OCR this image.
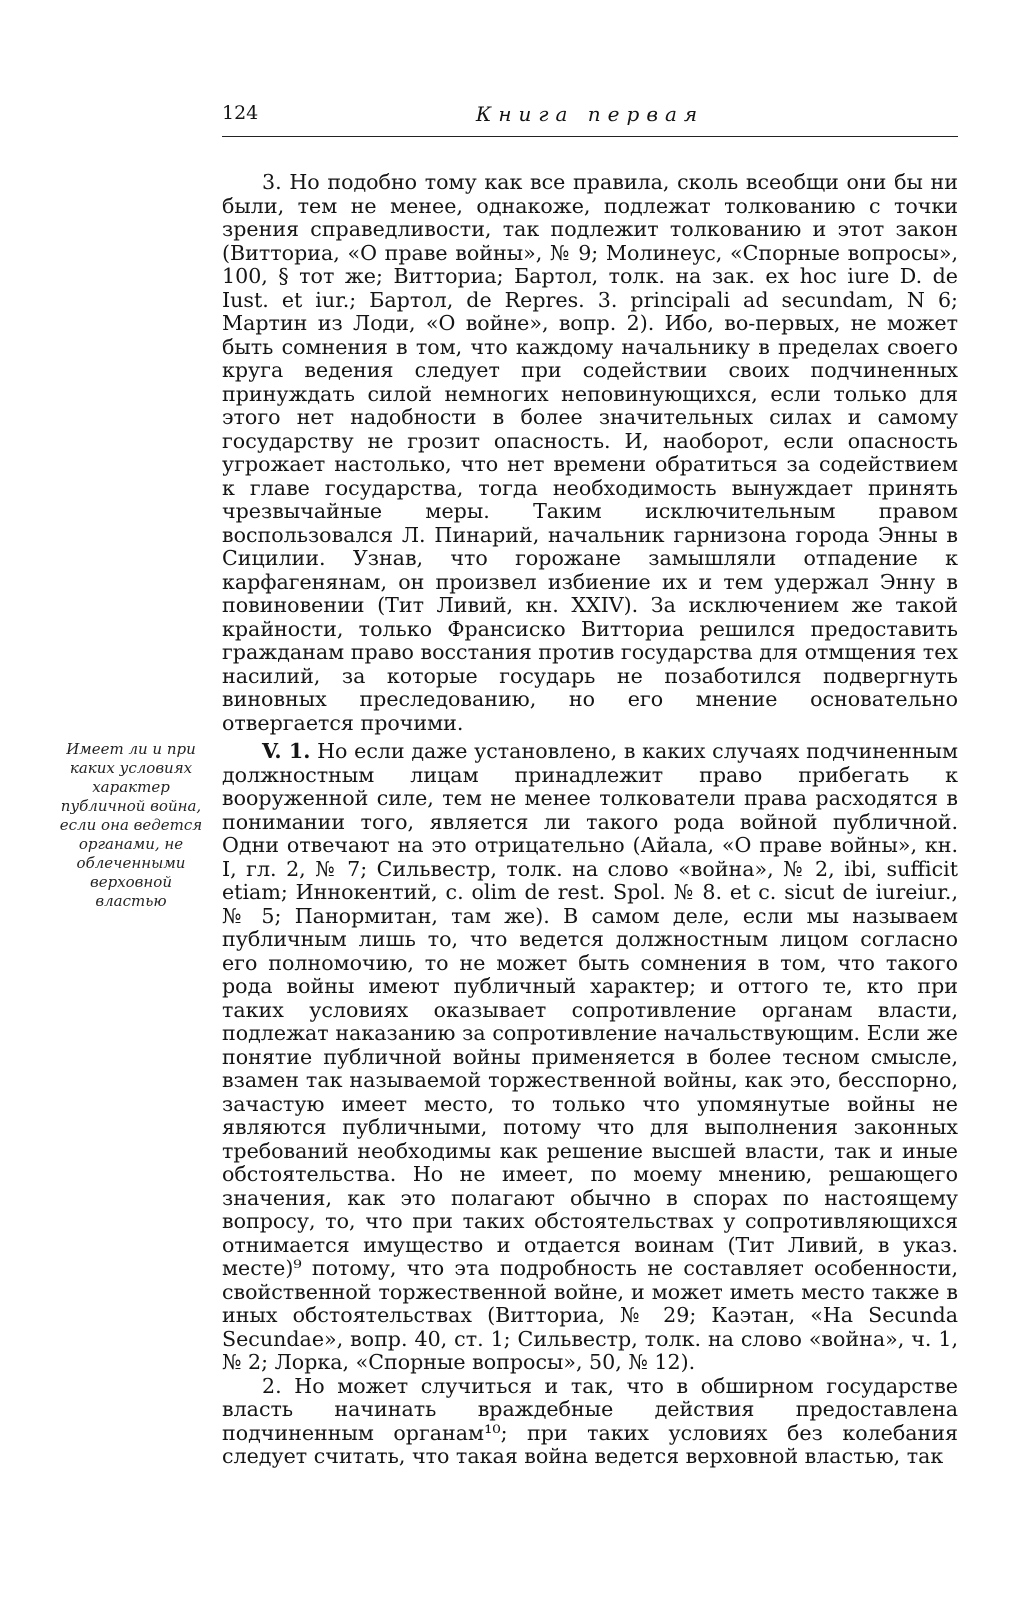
124	Книга первая

3. Но подобно тому как все правила, сколь всеобщи они бы ни были, тем не менее, однакоже, подлежат толкованию с точки зрения справедливости, так подлежит толкованию и этот закон (Витториа, «О праве войны», № 9; Молинеус, «Спорные вопросы», 100, § тот же; Витториа; Бартол, толк. на зак. ex hoc iure D. de Iust. et iur.; Бартол, de Repres. 3. principali ad secundam, N 6; Мартин из Лоди, «О войне», вопр. 2). Ибо, во-первых, не может быть сомнения в том, что каждому начальнику в пределах своего круга ведения следует при содействии своих подчиненных принуждать силой немногих неповинующихся, если только для этого нет надобности в более значительных силах и самому государству не грозит опасность. И, наоборот, если опасность угрожает настолько, что нет времени обратиться за содействием к главе государства, тогда необходимость вынуждает принять чрезвычайные меры. Таким исключительным правом воспользовался Л. Пинарий, начальник гарнизона города Энны в Сицилии. Узнав, что горожане замышляли отпадение к карфагенянам, он произвел избиение их и тем удержал Энну в повиновении (Тит Ливий, кн. XXIV). За исключением же такой крайности, только Франсиско Витториа решился предоставить гражданам право восстания против государства для отмщения тех насилий, за которые государь не позаботился подвергнуть виновных преследованию, но его мнение основательно отвергается прочими.

Имеет ли и при каких условиях характер публичной война, если она ведется органами, не облеченными верховной властью

V. 1. Но если даже установлено, в каких случаях подчиненным должностным лицам принадлежит право прибегать к вооруженной силе, тем не менее толкователи права расходятся в понимании того, является ли такого рода войной публичной. Одни отвечают на это отрицательно (Айала, «О праве войны», кн. I, гл. 2, № 7; Сильвестр, толк. на слово «война», № 2, ibi, sufficit etiam; Иннокентий, c. olim de rest. Spol. № 8. et c. sicut de iureiur., № 5; Панормитан, там же). В самом деле, если мы называем публичным лишь то, что ведется должностным лицом согласно его полномочию, то не может быть сомнения в том, что такого рода войны имеют публичный характер; и оттого те, кто при таких условиях оказывает сопротивление органам власти, подлежат наказанию за сопротивление начальствующим. Если же понятие публичной войны применяется в более тесном смысле, взамен так называемой торжественной войны, как это, бесспорно, зачастую имеет место, то только что упомянутые войны не являются публичными, потому что для выполнения законных требований необходимы как решение высшей власти, так и иные обстоятельства. Но не имеет, по моему мнению, решающего значения, как это полагают обычно в спорах по настоящему вопросу, то, что при таких обстоятельствах у сопротивляющихся отнимается имущество и отдается воинам (Тит Ливий, в указ. месте)⁹ потому, что эта подробность не составляет особенности, свойственной торжественной войне, и может иметь место также в иных обстоятельствах (Витториа, № 29; Каэтан, «На Secunda Secundae», вопр. 40, ст. 1; Сильвестр, толк. на слово «война», ч. 1, № 2; Лорка, «Спорные вопросы», 50, № 12).

2. Но может случиться и так, что в обширном государстве власть начинать враждебные действия предоставлена подчиненным органам¹⁰; при таких условиях без колебания следует считать, что такая война ведется верховной властью, так
